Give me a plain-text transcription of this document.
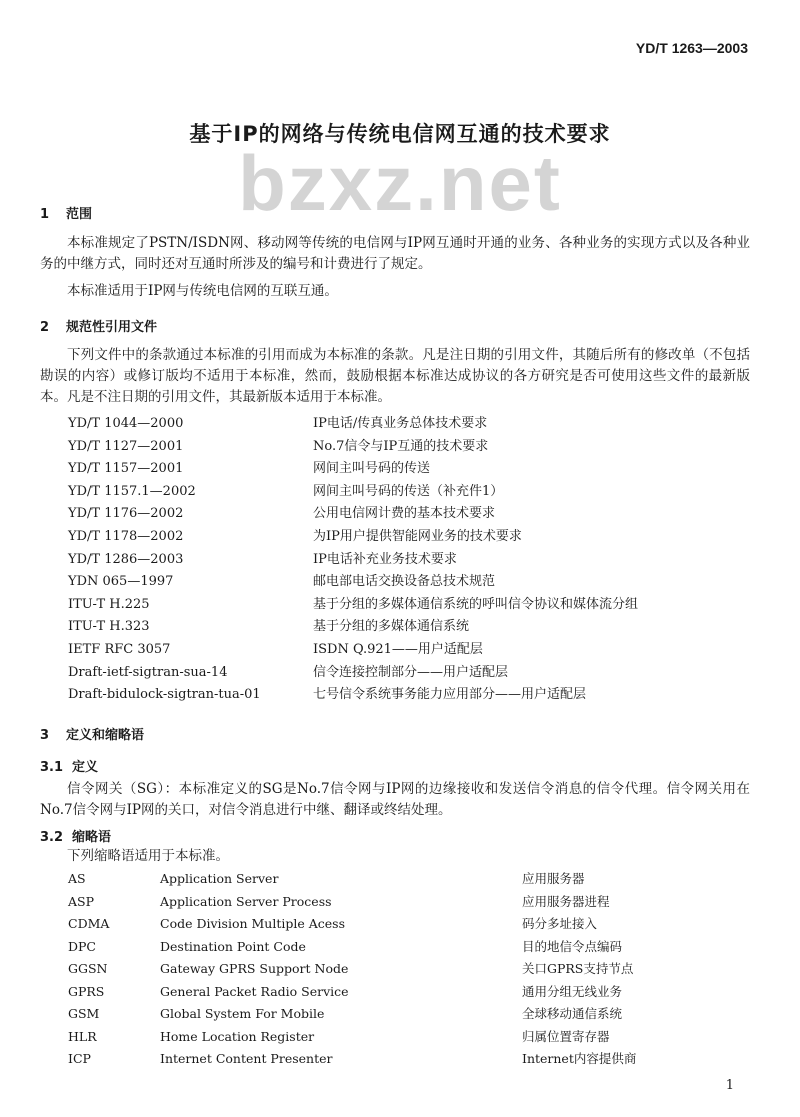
YD/T 1263—2003
bzxz.net
基于IP的网络与传统电信网互通的技术要求
1 范围
本标准规定了PSTN/ISDN网、移动网等传统的电信网与IP网互通时开通的业务、各种业务的实现方式以及各种业务的中继方式，同时还对互通时所涉及的编号和计费进行了规定。
本标准适用于IP网与传统电信网的互联互通。
2 规范性引用文件
下列文件中的条款通过本标准的引用而成为本标准的条款。凡是注日期的引用文件，其随后所有的修改单（不包括勘误的内容）或修订版均不适用于本标准，然而，鼓励根据本标准达成协议的各方研究是否可使用这些文件的最新版本。凡是不注日期的引用文件，其最新版本适用于本标准。
YD/T 1044—2000	IP电话/传真业务总体技术要求
YD/T 1127—2001	No.7信令与IP互通的技术要求
YD/T 1157—2001	网间主叫号码的传送
YD/T 1157.1—2002	网间主叫号码的传送（补充件1）
YD/T 1176—2002	公用电信网计费的基本技术要求
YD/T 1178—2002	为IP用户提供智能网业务的技术要求
YD/T 1286—2003	IP电话补充业务技术要求
YDN 065—1997	邮电部电话交换设备总技术规范
ITU-T H.225	基于分组的多媒体通信系统的呼叫信令协议和媒体流分组
ITU-T H.323	基于分组的多媒体通信系统
IETF RFC 3057	ISDN Q.921——用户适配层
Draft-ietf-sigtran-sua-14	信令连接控制部分——用户适配层
Draft-bidulock-sigtran-tua-01	七号信令系统事务能力应用部分——用户适配层
3 定义和缩略语
3.1 定义
信令网关（SG）：本标准定义的SG是No.7信令网与IP网的边缘接收和发送信令消息的信令代理。信令网关用在No.7信令网与IP网的关口，对信令消息进行中继、翻译或终结处理。
3.2 缩略语
下列缩略语适用于本标准。
AS	Application Server	应用服务器
ASP	Application Server Process	应用服务器进程
CDMA	Code Division Multiple Acess	码分多址接入
DPC	Destination Point Code	目的地信令点编码
GGSN	Gateway GPRS Support Node	关口GPRS支持节点
GPRS	General Packet Radio Service	通用分组无线业务
GSM	Global System For Mobile	全球移动通信系统
HLR	Home Location Register	归属位置寄存器
ICP	Internet Content Presenter	Internet内容提供商
1
